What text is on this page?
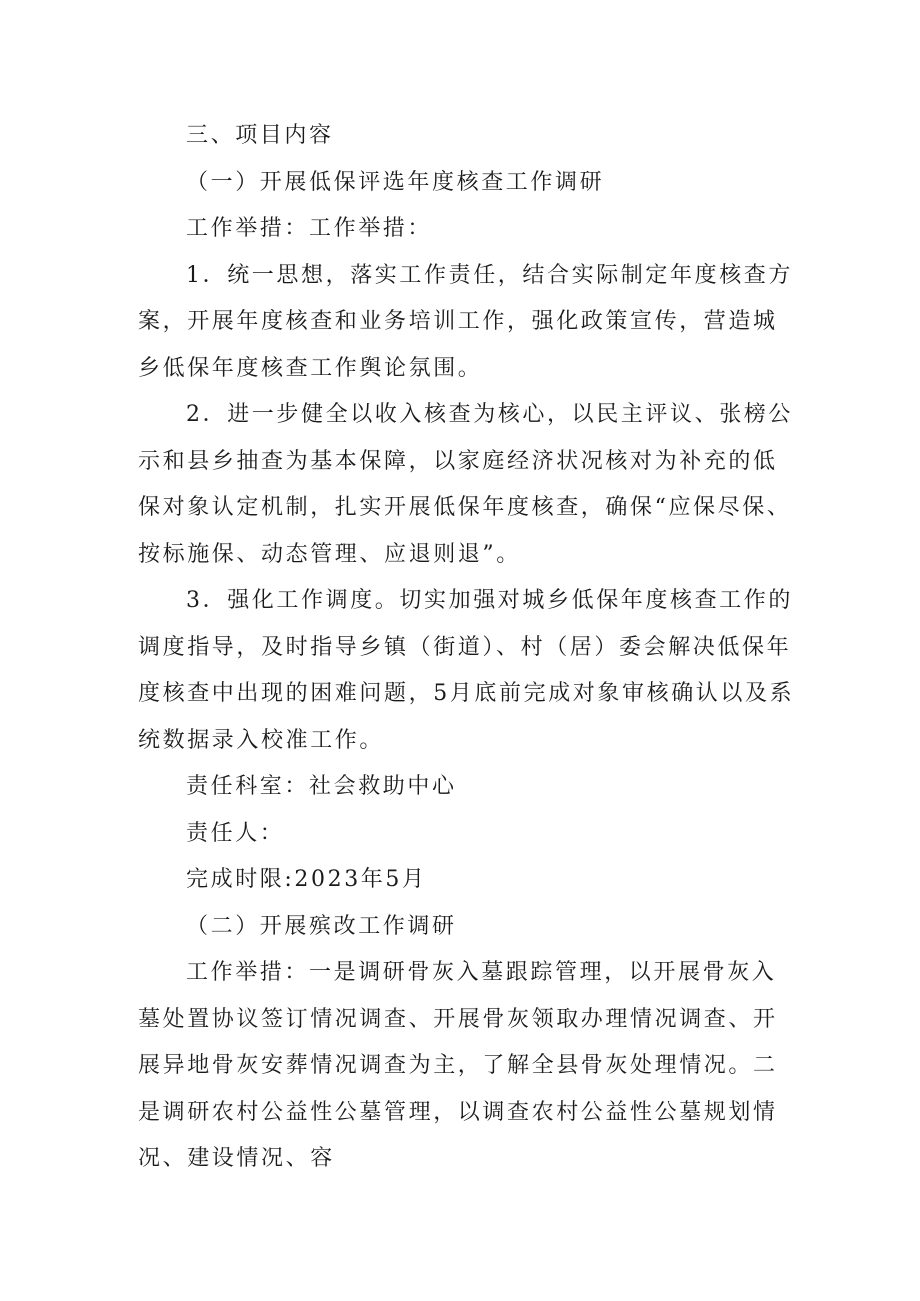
三、项目内容

（一）开展低保评选年度核查工作调研

工作举措：工作举措：

1．统一思想，落实工作责任，结合实际制定年度核查方案，开展年度核查和业务培训工作，强化政策宣传，营造城乡低保年度核查工作舆论氛围。

2．进一步健全以收入核查为核心，以民主评议、张榜公示和县乡抽查为基本保障，以家庭经济状况核对为补充的低保对象认定机制，扎实开展低保年度核查，确保“应保尽保、按标施保、动态管理、应退则退”。

3．强化工作调度。切实加强对城乡低保年度核查工作的调度指导，及时指导乡镇（街道）、村（居）委会解决低保年度核查中出现的困难问题，5月底前完成对象审核确认以及系统数据录入校准工作。

责任科室：社会救助中心

责任人：

完成时限:2023年5月

（二）开展殡改工作调研

工作举措：一是调研骨灰入墓跟踪管理，以开展骨灰入墓处置协议签订情况调查、开展骨灰领取办理情况调查、开展异地骨灰安葬情况调查为主，了解全县骨灰处理情况。二是调研农村公益性公墓管理，以调查农村公益性公墓规划情况、建设情况、容
